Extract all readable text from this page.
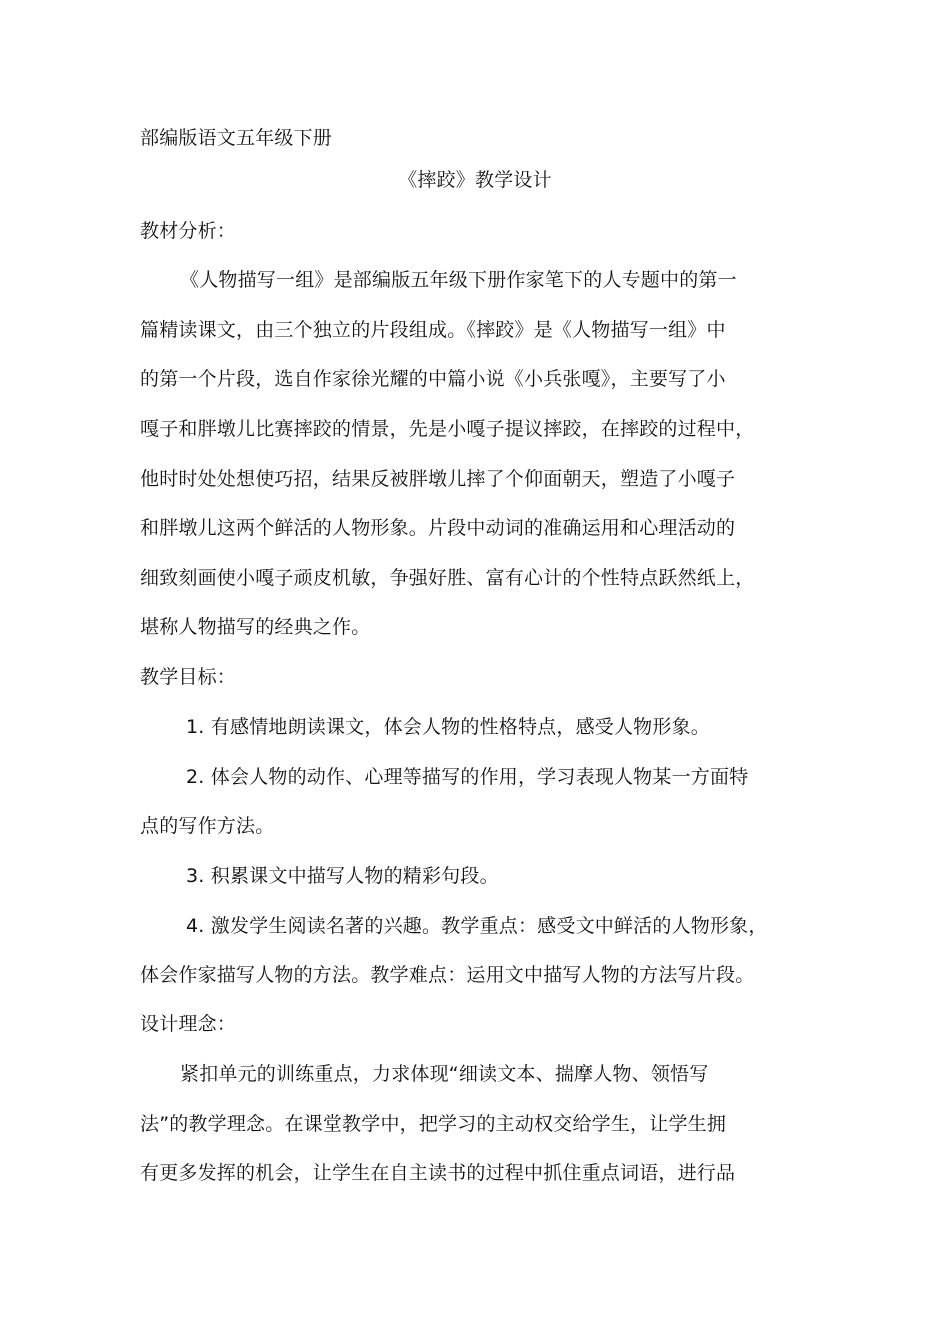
部编版语文五年级下册
《摔跤》教学设计
教材分析：
《人物描写一组》是部编版五年级下册作家笔下的人专题中的第一
篇精读课文，由三个独立的片段组成。《摔跤》是《人物描写一组》中
的第一个片段，选自作家徐光耀的中篇小说《小兵张嘎》，主要写了小
嘎子和胖墩儿比赛摔跤的情景，先是小嘎子提议摔跤，在摔跤的过程中，
他时时处处想使巧招，结果反被胖墩儿摔了个仰面朝天，塑造了小嘎子
和胖墩儿这两个鲜活的人物形象。片段中动词的准确运用和心理活动的
细致刻画使小嘎子顽皮机敏，争强好胜、富有心计的个性特点跃然纸上，
堪称人物描写的经典之作。
教学目标：
1. 有感情地朗读课文，体会人物的性格特点，感受人物形象。
2. 体会人物的动作、心理等描写的作用，学习表现人物某一方面特
点的写作方法。
3. 积累课文中描写人物的精彩句段。
4. 激发学生阅读名著的兴趣。教学重点：感受文中鲜活的人物形象，
体会作家描写人物的方法。教学难点：运用文中描写人物的方法写片段。
设计理念：
紧扣单元的训练重点，力求体现“细读文本、揣摩人物、领悟写
法”的教学理念。在课堂教学中，把学习的主动权交给学生，让学生拥
有更多发挥的机会，让学生在自主读书的过程中抓住重点词语，进行品
